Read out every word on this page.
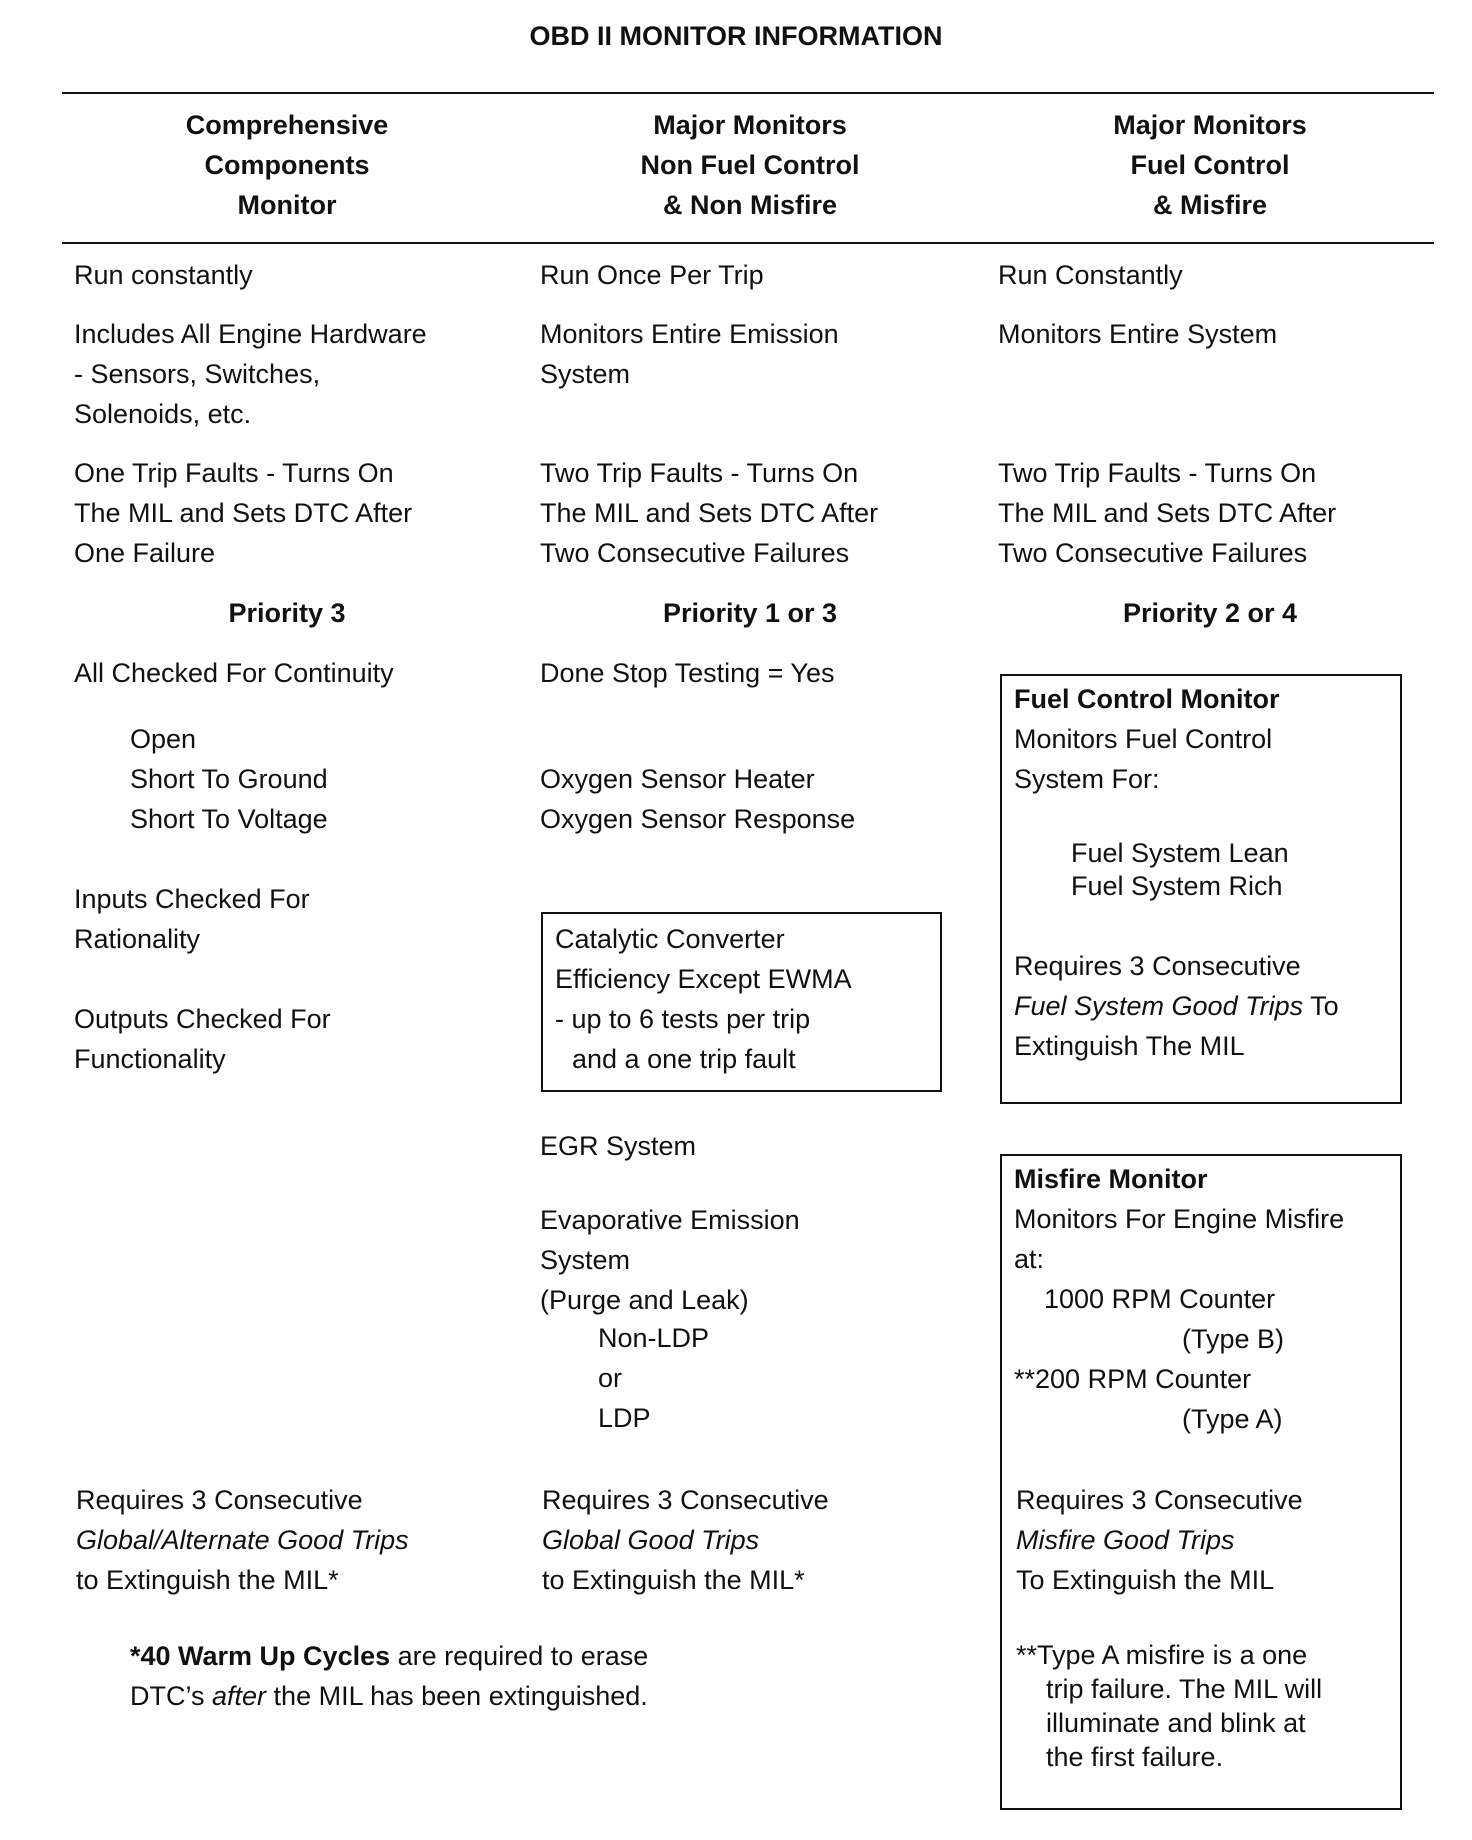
OBD II MONITOR INFORMATION
Comprehensive
Components
Monitor
Major Monitors
Non Fuel Control
& Non Misfire
Major Monitors
Fuel Control
& Misfire
Run constantly
Includes All Engine Hardware
- Sensors, Switches,
Solenoids, etc.
One Trip Faults - Turns On
The MIL and Sets DTC After
One Failure
Priority 3
All Checked For Continuity
Open
Short To Ground
Short To Voltage
Inputs Checked For
Rationality
Outputs Checked For
Functionality
Requires 3 Consecutive
Global/Alternate Good Trips
to Extinguish the MIL*
Run Once Per Trip
Monitors Entire Emission
System
Two Trip Faults - Turns On
The MIL and Sets DTC After
Two Consecutive Failures
Priority 1 or 3
Done Stop Testing = Yes
Oxygen Sensor Heater
Oxygen Sensor Response
Catalytic Converter
Efficiency Except EWMA
- up to 6 tests per trip
and a one trip fault
EGR System
Evaporative Emission
System
(Purge and Leak)
Non-LDP
or
LDP
Requires 3 Consecutive
Global Good Trips
to Extinguish the MIL*
Run Constantly
Monitors Entire System
Two Trip Faults - Turns On
The MIL and Sets DTC After
Two Consecutive Failures
Priority 2 or 4
Fuel Control Monitor
Monitors Fuel Control
System For:
Fuel System Lean
Fuel System Rich
Requires 3 Consecutive
Fuel System Good Trips To
Extinguish The MIL
Misfire Monitor
Monitors For Engine Misfire
at:
1000 RPM Counter
(Type B)
**200 RPM Counter
(Type A)
Requires 3 Consecutive
Misfire Good Trips
To Extinguish the MIL
**Type A misfire is a one
trip failure. The MIL will
illuminate and blink at
the first failure.
*40 Warm Up Cycles are required to erase
DTC’s after the MIL has been extinguished.
